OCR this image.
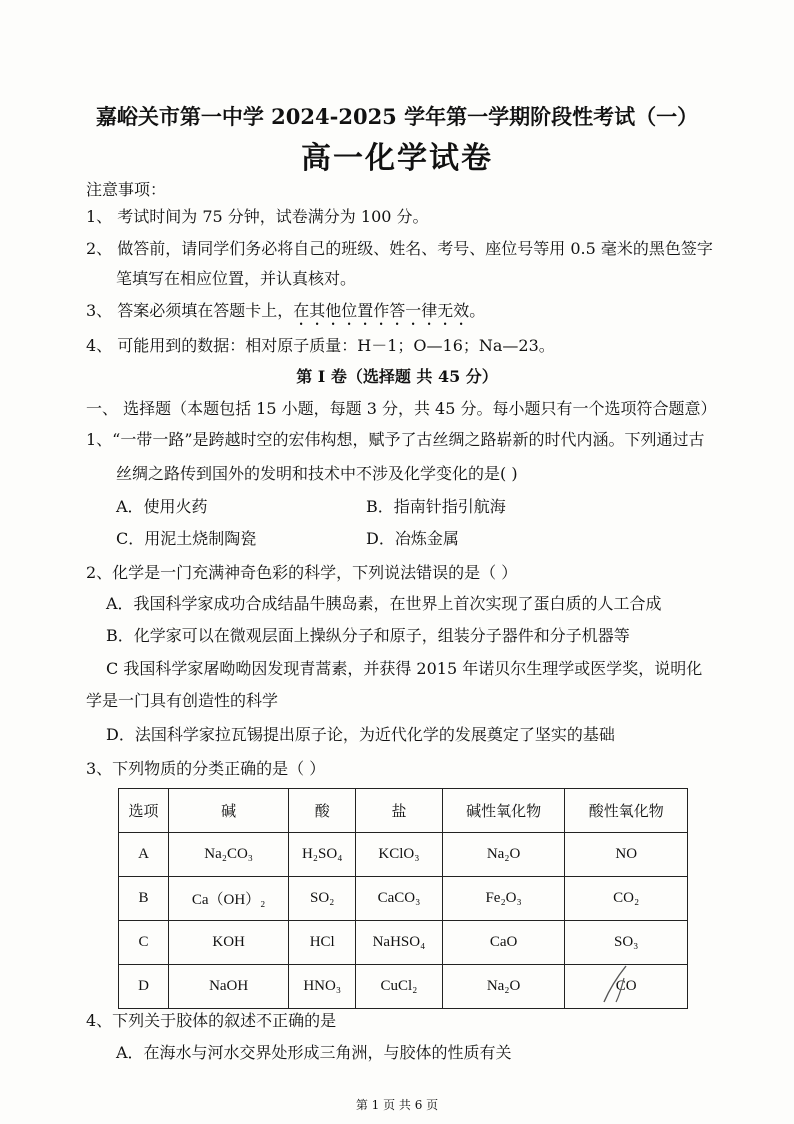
嘉峪关市第一中学 2024-2025 学年第一学期阶段性考试（一）
高一化学试卷
注意事项：
1、 考试时间为 75 分钟，试卷满分为 100 分。
2、 做答前，请同学们务必将自己的班级、姓名、考号、座位号等用 0.5 毫米的黑色签字
笔填写在相应位置，并认真核对。
3、 答案必须填在答题卡上，在其他位置作答一律无效。
4、 可能用到的数据：相对原子质量：H－1；O—16；Na—23。
第 I 卷（选择题 共 45 分）
一、 选择题（本题包括 15 小题，每题 3 分，共 45 分。每小题只有一个选项符合题意）
1、“一带一路”是跨越时空的宏伟构想，赋予了古丝绸之路崭新的时代内涵。下列通过古
丝绸之路传到国外的发明和技术中不涉及化学变化的是( )
A．使用火药	B．指南针指引航海
C．用泥土烧制陶瓷	D．冶炼金属
2、化学是一门充满神奇色彩的科学，下列说法错误的是（ ）
A．我国科学家成功合成结晶牛胰岛素，在世界上首次实现了蛋白质的人工合成
B．化学家可以在微观层面上操纵分子和原子，组装分子器件和分子机器等
C 我国科学家屠呦呦因发现青蒿素，并获得 2015 年诺贝尔生理学或医学奖，说明化
学是一门具有创造性的科学
D．法国科学家拉瓦锡提出原子论，为近代化学的发展奠定了坚实的基础
3、下列物质的分类正确的是（ ）
选项	碱	酸	盐	碱性氧化物	酸性氧化物
A	Na₂CO₃	H₂SO₄	KClO₃	Na₂O	NO
B	Ca（OH）₂	SO₂	CaCO₃	Fe₂O₃	CO₂
C	KOH	HCl	NaHSO₄	CaO	SO₃
D	NaOH	HNO₃	CuCl₂	Na₂O	CO
4、下列关于胶体的叙述不正确的是
A．在海水与河水交界处形成三角洲，与胶体的性质有关
第 1 页 共 6 页
